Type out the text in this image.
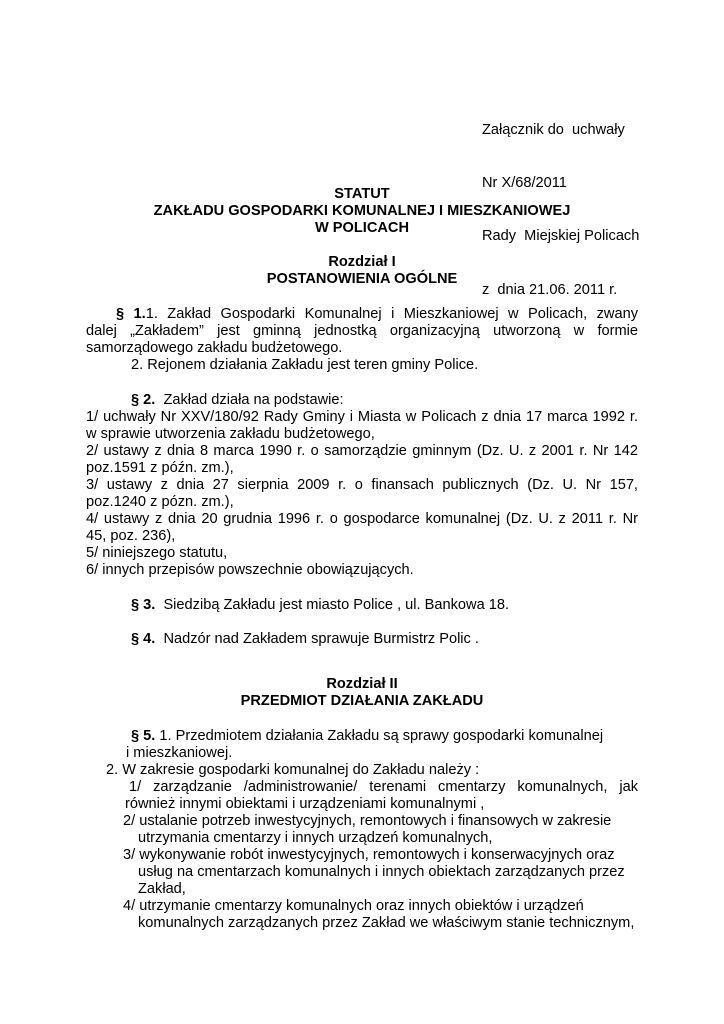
Załącznik do  uchwały

Nr X/68/2011

Rady  Miejskiej Policach

z  dnia 21.06. 2011 r.

STATUT
ZAKŁADU GOSPODARKI KOMUNALNEJ I MIESZKANIOWEJ
W POLICACH
Rozdział I
POSTANOWIENIA OGÓLNE
§ 1.1. Zakład Gospodarki Komunalnej i Mieszkaniowej w Policach, zwany
dalej „Zakładem” jest gminną jednostką organizacyjną utworzoną w formie
samorządowego zakładu budżetowego.
2. Rejonem działania Zakładu jest teren gminy Police.
§ 2. Zakład działa na podstawie:
1/ uchwały Nr XXV/180/92 Rady Gminy i Miasta w Policach z dnia 17 marca 1992 r.
w sprawie utworzenia zakładu budżetowego,
2/ ustawy z dnia 8 marca 1990 r. o samorządzie gminnym (Dz. U. z 2001 r. Nr 142
poz.1591 z późn. zm.),
3/ ustawy z dnia 27 sierpnia 2009 r. o finansach publicznych (Dz. U. Nr 157,
poz.1240 z pózn. zm.),
4/ ustawy z dnia 20 grudnia 1996 r. o gospodarce komunalnej (Dz. U. z 2011 r. Nr
45, poz. 236),
5/ niniejszego statutu,
6/ innych przepisów powszechnie obowiązujących.
§ 3. Siedzibą Zakładu jest miasto Police , ul. Bankowa 18.
§ 4. Nadzór nad Zakładem sprawuje Burmistrz Polic .
Rozdział II
PRZEDMIOT DZIAŁANIA ZAKŁADU
§ 5. 1. Przedmiotem działania Zakładu są sprawy gospodarki komunalnej
i mieszkaniowej.
2. W zakresie gospodarki komunalnej do Zakładu należy :
1/ zarządzanie /administrowanie/ terenami cmentarzy komunalnych, jak
również innymi obiektami i urządzeniami komunalnymi ,
2/ ustalanie potrzeb inwestycyjnych, remontowych i finansowych w zakresie
utrzymania cmentarzy i innych urządzeń komunalnych,
3/ wykonywanie robót inwestycyjnych, remontowych i konserwacyjnych oraz
usług na cmentarzach komunalnych i innych obiektach zarządzanych przez
Zakład,
4/ utrzymanie cmentarzy komunalnych oraz innych obiektów i urządzeń
komunalnych zarządzanych przez Zakład we właściwym stanie technicznym,
